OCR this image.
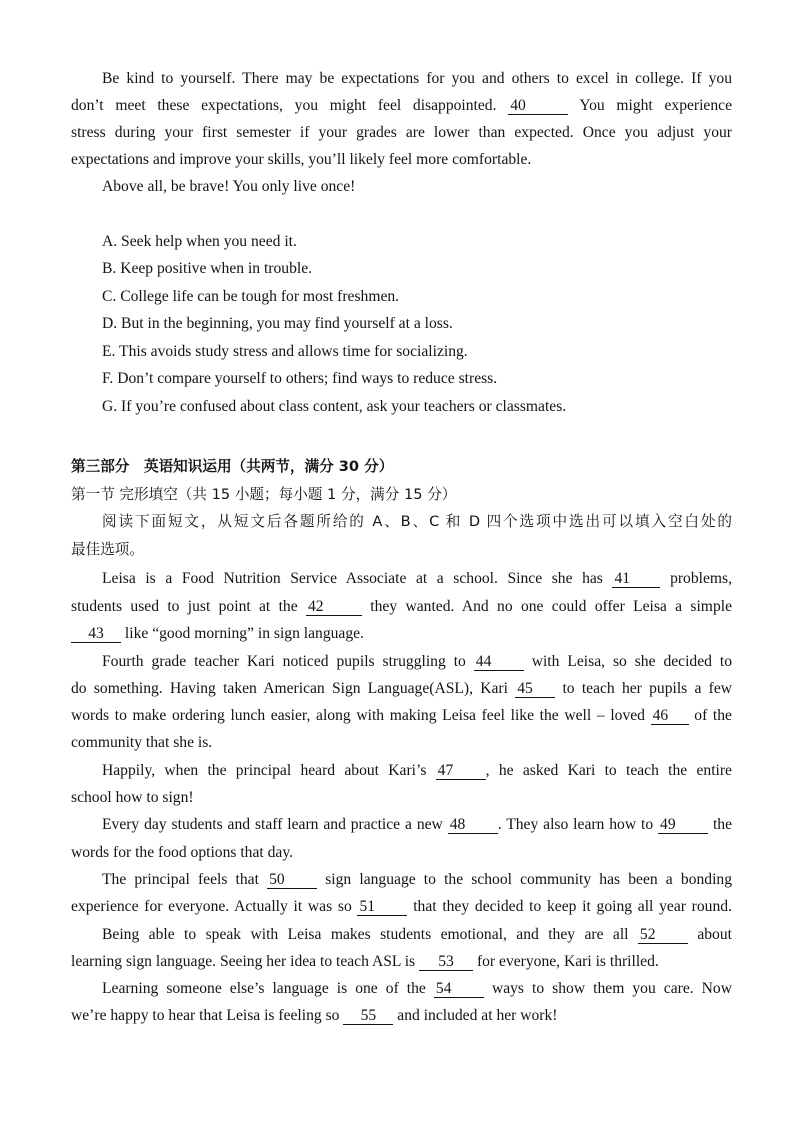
Be kind to yourself. There may be expectations for you and others to excel in college. If you
don’t meet these expectations, you might feel disappointed. 40	You might experience
stress during your first semester if your grades are lower than expected. Once you adjust your
expectations and improve your skills, you’ll likely feel more comfortable.
Above all, be brave! You only live once!
A. Seek help when you need it.
B. Keep positive when in trouble.
C. College life can be tough for most freshmen.
D. But in the beginning, you may find yourself at a loss.
E. This avoids study stress and allows time for socializing.
F. Don’t compare yourself to others; find ways to reduce stress.
G. If you’re confused about class content, ask your teachers or classmates.
第三部分　英语知识运用（共两节，满分 30 分）
第一节 完形填空（共 15 小题；每小题 1 分，满分 15 分）
阅读下面短文，从短文后各题所给的 A、B、C 和 D 四个选项中选出可以填入空白处的
最佳选项。
Leisa is a Food Nutrition Service Associate at a school. Since she has 41	problems,
students used to just point at the 42	they wanted. And no one could offer Leisa a simple
43 like “good morning” in sign language.
Fourth grade teacher Kari noticed pupils struggling to 44	with Leisa, so she decided to
do something. Having taken American Sign Language(ASL), Kari 45 to teach her pupils a few
words to make ordering lunch easier, along with making Leisa feel like the well – loved 46 of the
community that she is.
Happily, when the principal heard about Kari’s 47 , he asked Kari to teach the entire
school how to sign!
Every day students and staff learn and practice a new 48 . They also learn how to 49 the
words for the food options that day.
The principal feels that 50	sign language to the school community has been a bonding
experience for everyone. Actually it was so 51 that they decided to keep it going all year round.
Being able to speak with Leisa makes students emotional, and they are all 52	about
learning sign language. Seeing her idea to teach ASL is 53 for everyone, Kari is thrilled.
Learning someone else’s language is one of the 54	ways to show them you care. Now
we’re happy to hear that Leisa is feeling so 55 and included at her work!
